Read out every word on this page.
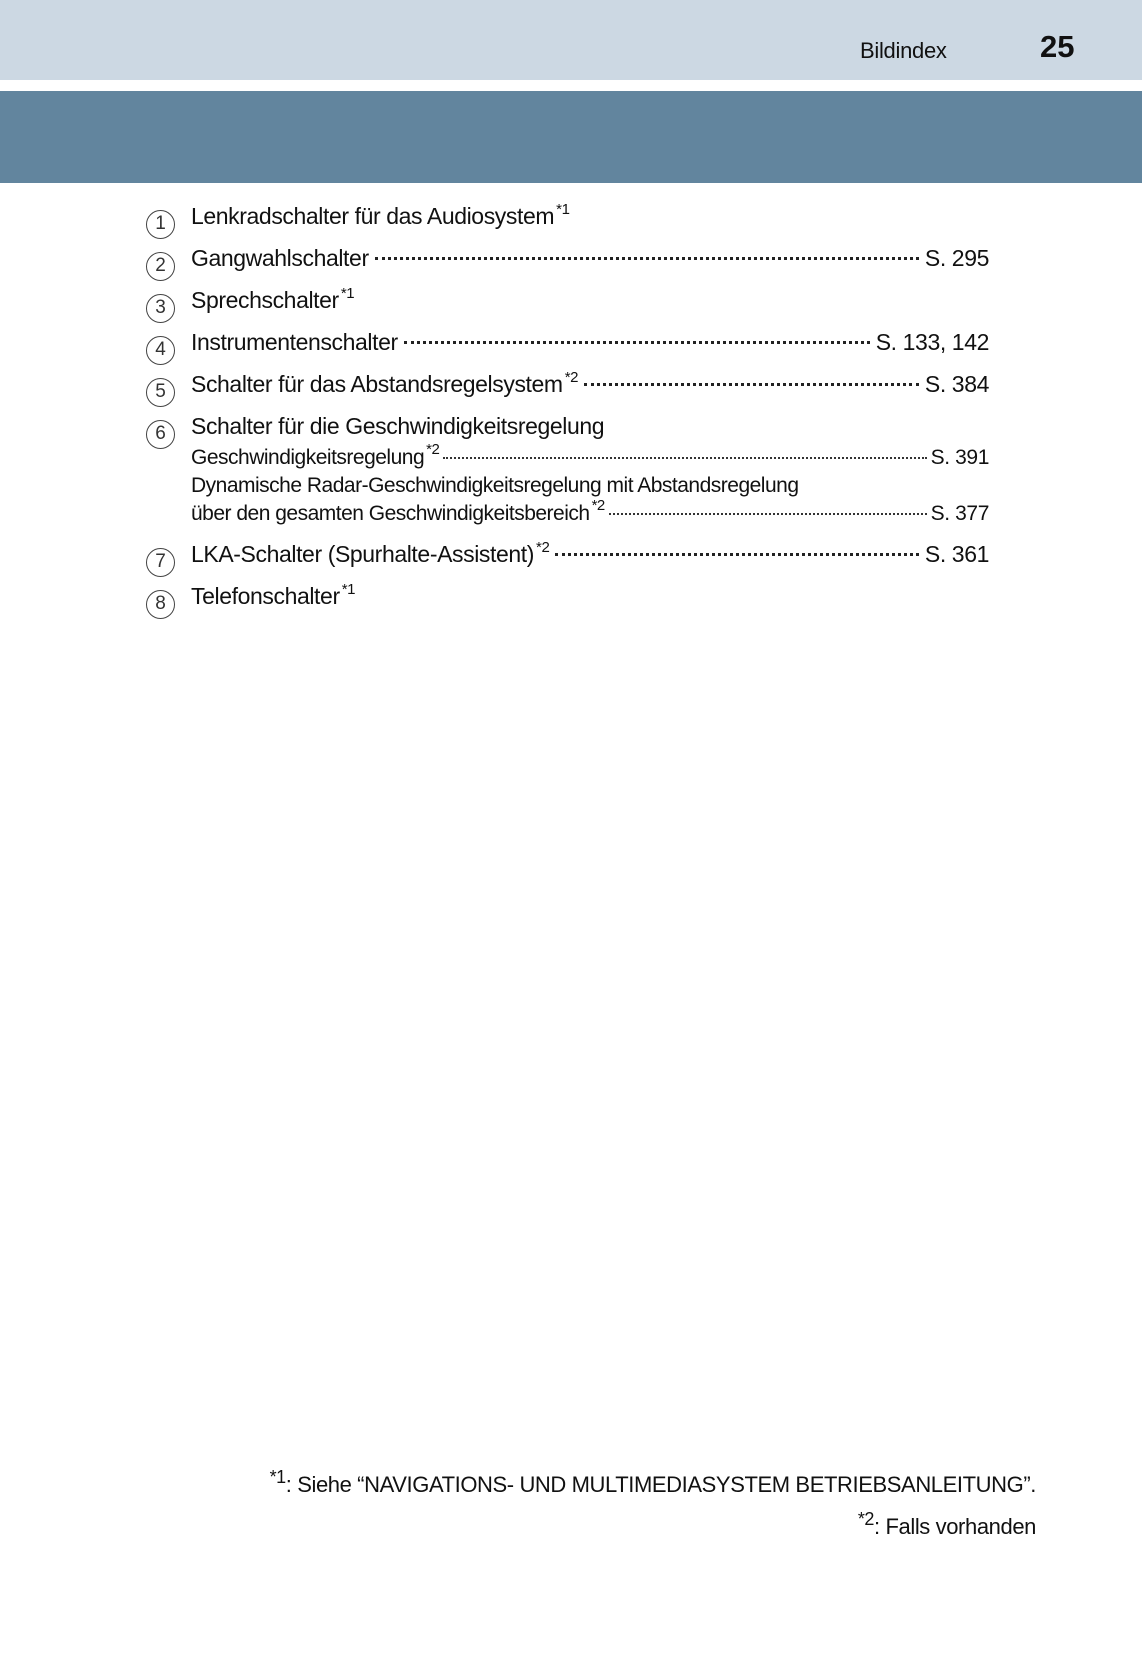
Bildindex	25
1	Lenkradschalter für das Audiosystem $^{*1}$
2	Gangwahlschalter	S. 295
3	Sprechschalter $^{*1}$
4	Instrumentenschalter	S. 133, 142
5	Schalter für das Abstandsregelsystem $^{*2}$	S. 384
6	Schalter für die Geschwindigkeitsregelung
Geschwindigkeitsregelung $^{*2}$	S. 391
Dynamische Radar-Geschwindigkeitsregelung mit Abstandsregelung
über den gesamten Geschwindigkeitsbereich $^{*2}$	S. 377
7	LKA-Schalter (Spurhalte-Assistent) $^{*2}$	S. 361
8	Telefonschalter $^{*1}$
$^{*1}$: Siehe “NAVIGATIONS- UND MULTIMEDIASYSTEM BETRIEBSANLEITUNG”.
$^{*2}$: Falls vorhanden
